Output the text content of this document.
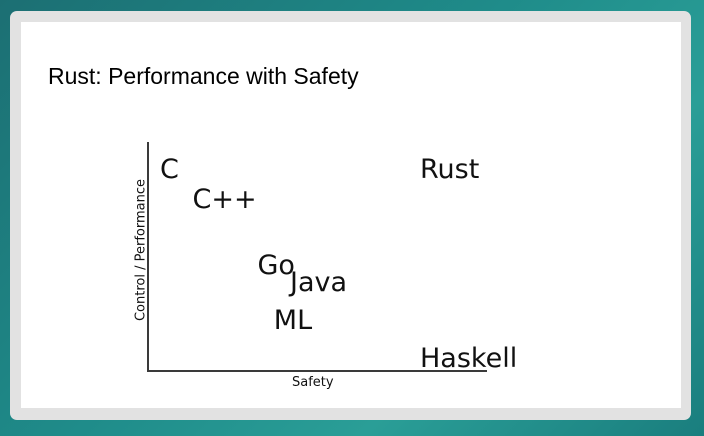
Rust: Performance with Safety
Control / Performance
Safety
C
C++
Go
Java
ML
Rust
Haskell
